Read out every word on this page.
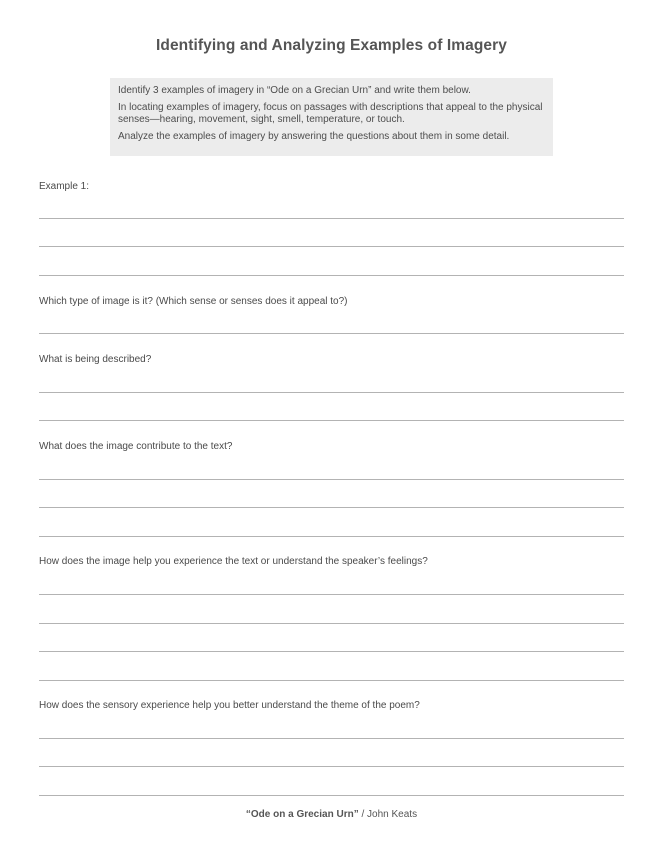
Identifying and Analyzing Examples of Imagery

Identify 3 examples of imagery in “Ode on a Grecian Urn” and write them below.

In locating examples of imagery, focus on passages with descriptions that appeal to the physical senses—hearing, movement, sight, smell, temperature, or touch.

Analyze the examples of imagery by answering the questions about them in some detail.

Example 1:
Which type of image is it? (Which sense or senses does it appeal to?)
What is being described?
What does the image contribute to the text?
How does the image help you experience the text or understand the speaker’s feelings?
How does the sensory experience help you better understand the theme of the poem?
“Ode on a Grecian Urn” / John Keats
